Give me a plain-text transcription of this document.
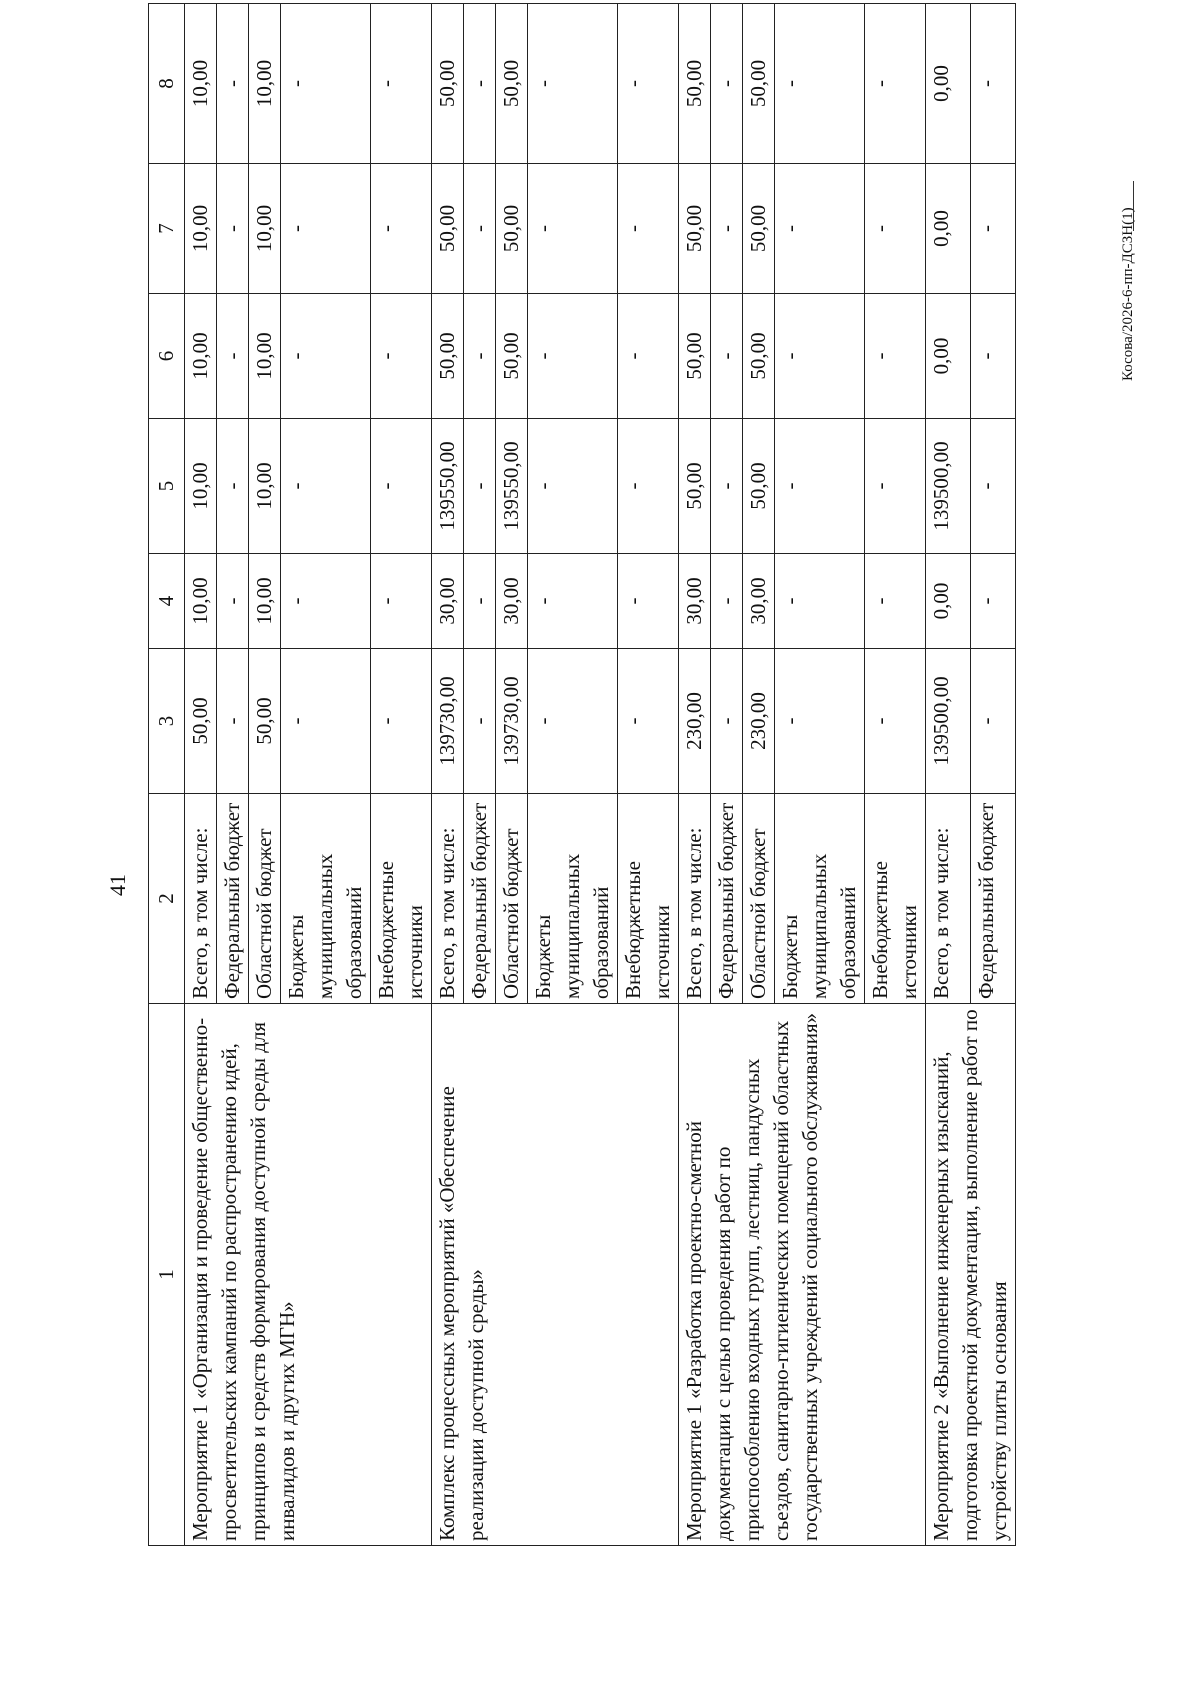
41
1	2	3	4	5	6	7	8
Мероприятие 1 «Организация и проведение общественно-просветительских кампаний по распространению идей, принципов и средств формирования доступной среды для инвалидов и других МГН»	Всего, в том числе:	50,00	10,00	10,00	10,00	10,00	10,00
	Федеральный бюджет	-	-	-	-	-	-
	Областной бюджет	50,00	10,00	10,00	10,00	10,00	10,00
	Бюджеты муниципальных образований	-	-	-	-	-	-
	Внебюджетные источники	-	-	-	-	-	-
Комплекс процессных мероприятий «Обеспечение реализации доступной среды»	Всего, в том числе:	139730,00	30,00	139550,00	50,00	50,00	50,00
	Федеральный бюджет	-	-	-	-	-	-
	Областной бюджет	139730,00	30,00	139550,00	50,00	50,00	50,00
	Бюджеты муниципальных образований	-	-	-	-	-	-
	Внебюджетные источники	-	-	-	-	-	-
Мероприятие 1 «Разработка проектно-сметной документации с целью проведения работ по приспособлению входных групп, лестниц, пандусных съездов, санитарно-гигиенических помещений областных государственных учреждений социального обслуживания»	Всего, в том числе:	230,00	30,00	50,00	50,00	50,00	50,00
	Федеральный бюджет	-	-	-	-	-	-
	Областной бюджет	230,00	30,00	50,00	50,00	50,00	50,00
	Бюджеты муниципальных образований	-	-	-	-	-	-
	Внебюджетные источники	-	-	-	-	-	-
Мероприятие 2 «Выполнение инженерных изысканий, подготовка проектной документации, выполнение работ по устройству плиты основания	Всего, в том числе:	139500,00	0,00	139500,00	0,00	0,00	0,00
	Федеральный бюджет	-	-	-	-	-	-
Косова/2026-6-пп-ДСЗН(1)
